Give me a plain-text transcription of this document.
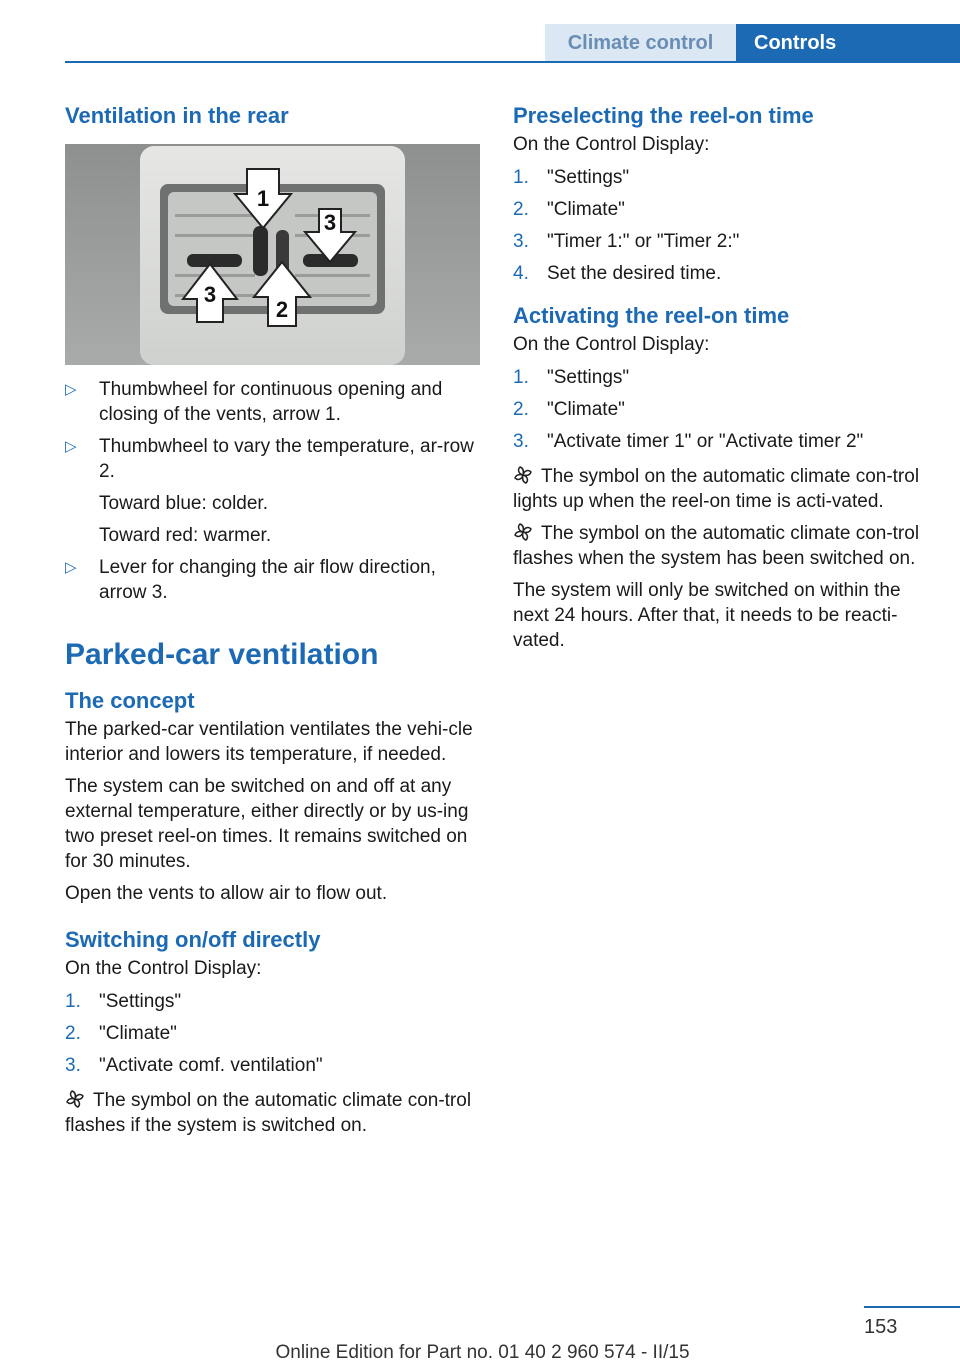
Climate control	Controls
Ventilation in the rear
1
2
3
3
▷ Thumbwheel for continuous opening and closing of the vents, arrow 1.
▷ Thumbwheel to vary the temperature, ar-row 2.
Toward blue: colder.
Toward red: warmer.
▷ Lever for changing the air flow direction, arrow 3.
Parked-car ventilation
The concept

The parked-car ventilation ventilates the vehi-cle interior and lowers its temperature, if needed.

The system can be switched on and off at any external temperature, either directly or by us-ing two preset reel-on times. It remains switched on for 30 minutes.

Open the vents to allow air to flow out.

Switching on/off directly

On the Control Display:

1. "Settings"
2. "Climate"
3. "Activate comf. ventilation"

The symbol on the automatic climate con-trol flashes if the system is switched on.

Preselecting the reel-on time

On the Control Display:

1. "Settings"
2. "Climate"
3. "Timer 1:" or "Timer 2:"
4. Set the desired time.
Activating the reel-on time

On the Control Display:

1. "Settings"
2. "Climate"
3. "Activate timer 1" or "Activate timer 2"

The symbol on the automatic climate con-trol lights up when the reel-on time is acti-vated.

The symbol on the automatic climate con-trol flashes when the system has been switched on.

The system will only be switched on within the next 24 hours. After that, it needs to be reacti-vated.

153
Online Edition for Part no. 01 40 2 960 574 - II/15
